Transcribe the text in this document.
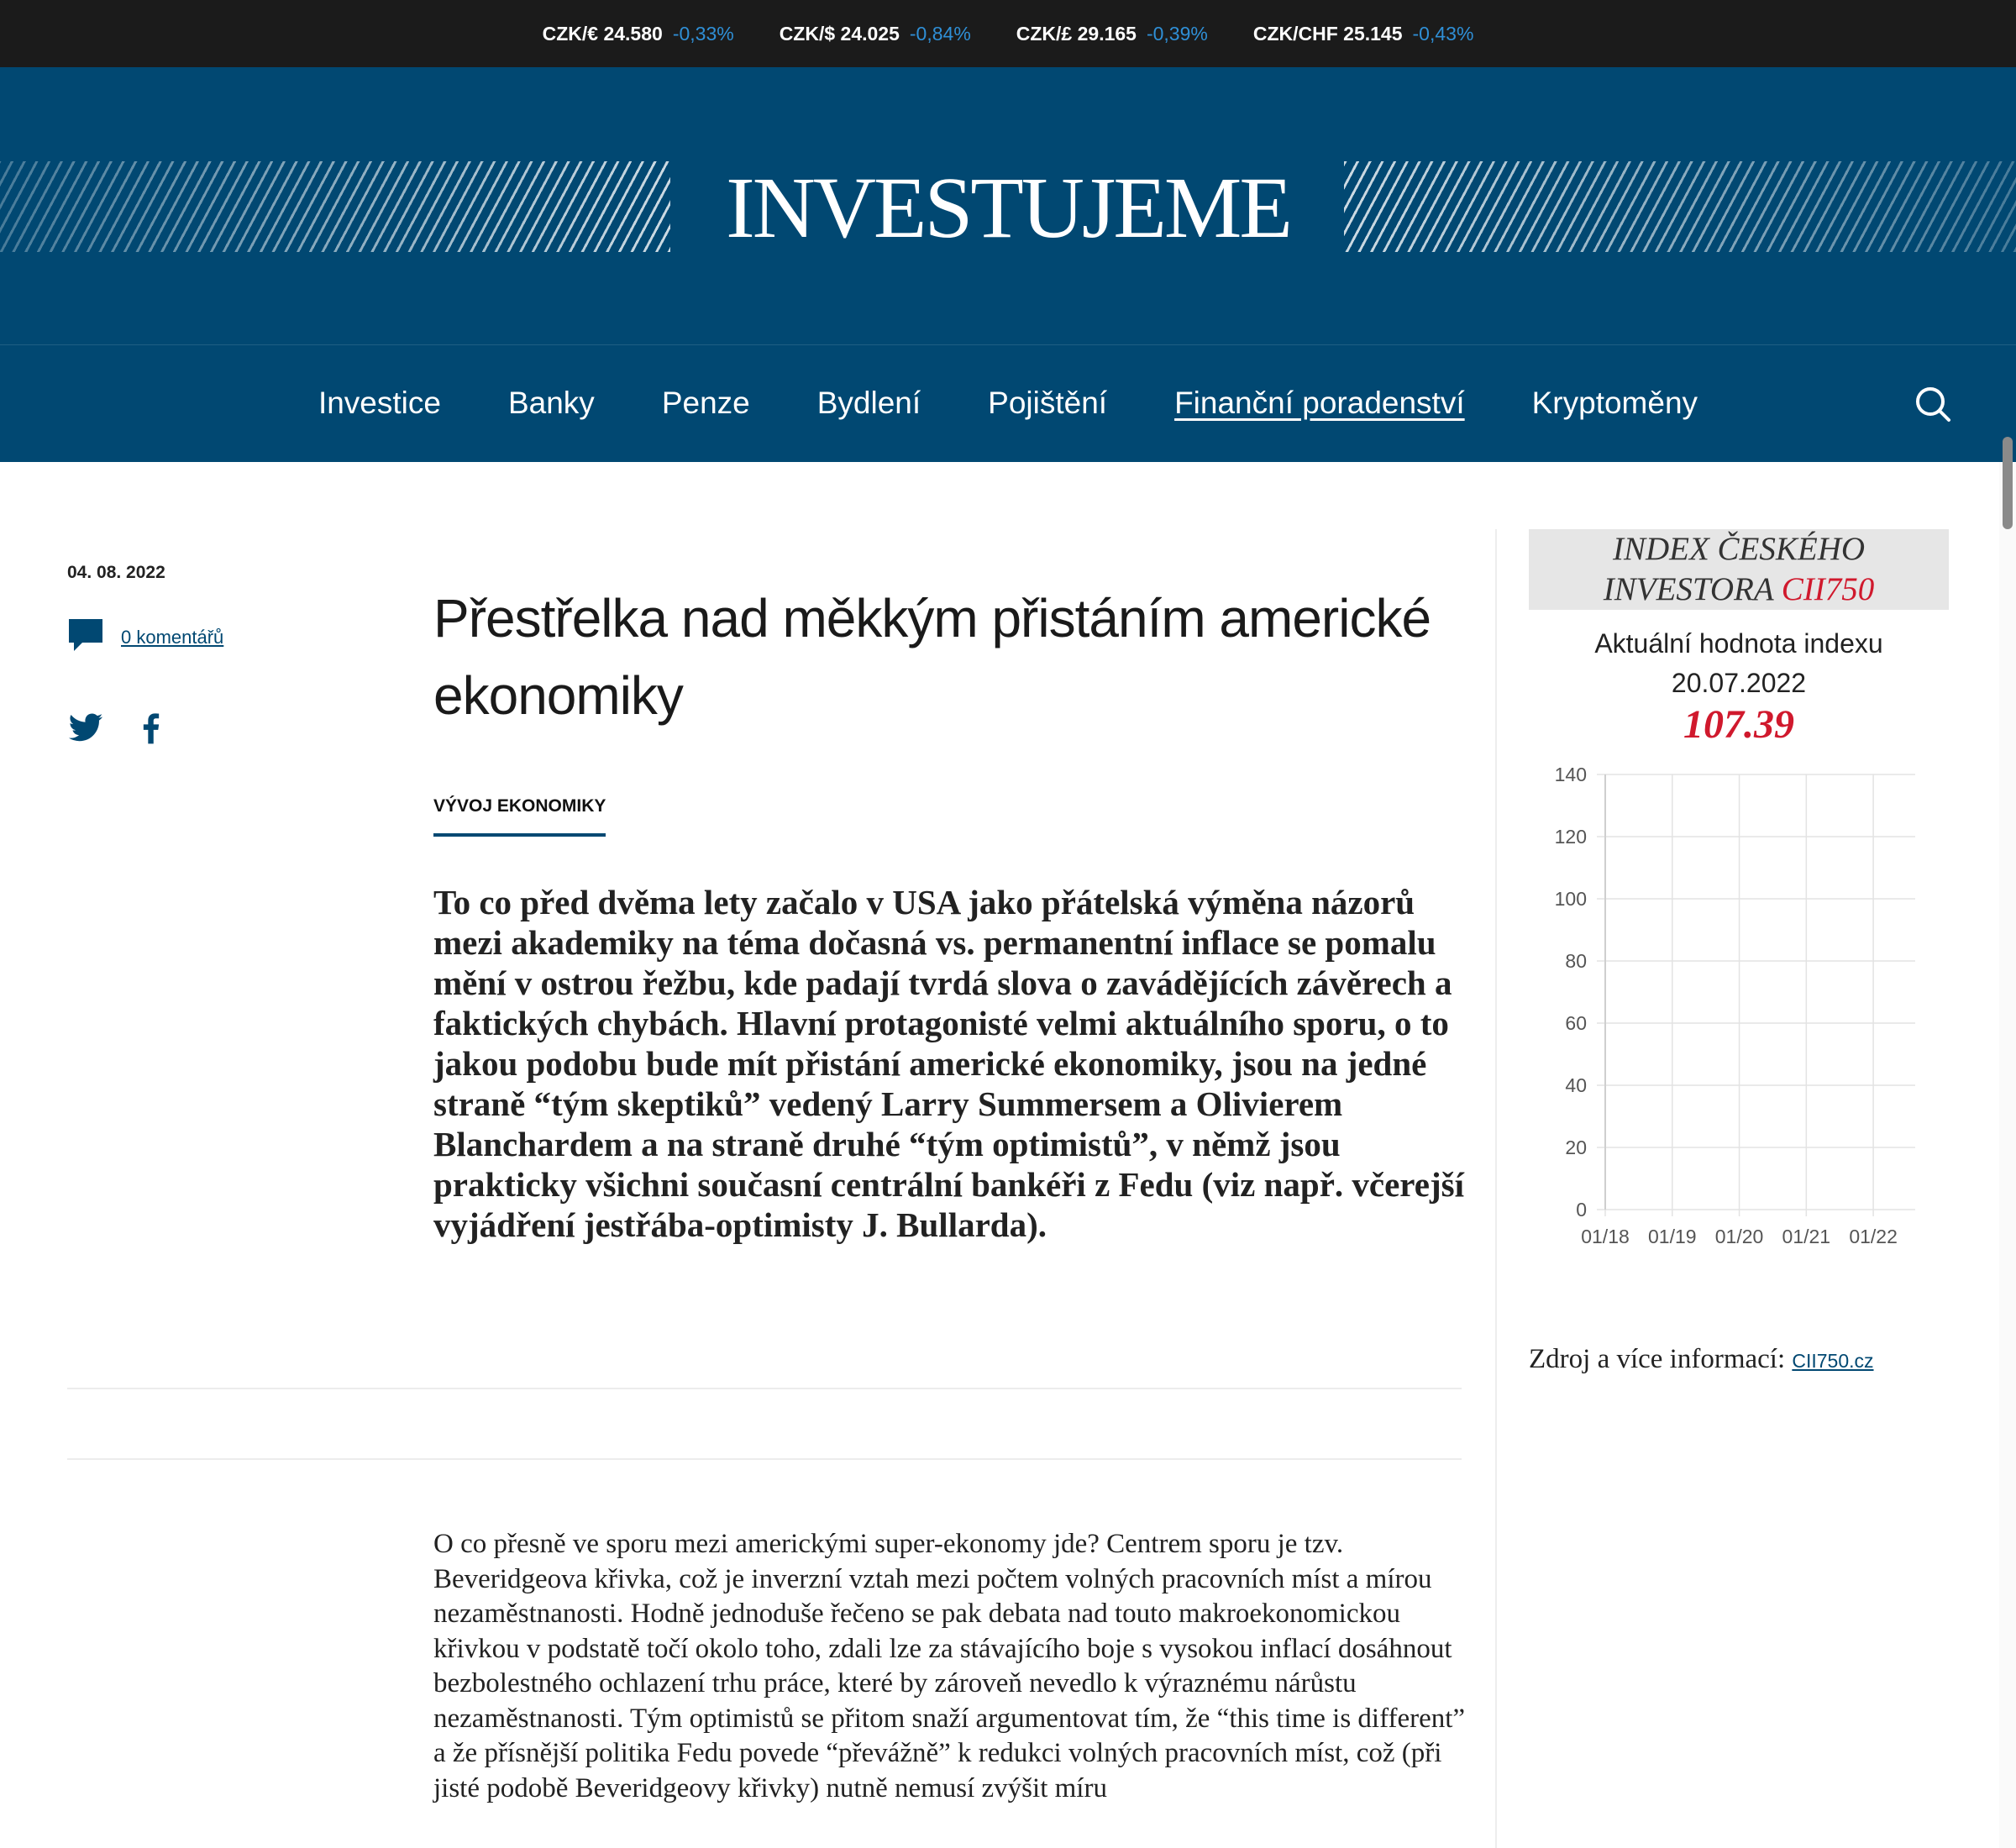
CZK/€ 24.580 -0,33% CZK/$ 24.025 -0,84% CZK/£ 29.165 -0,39% CZK/CHF 25.145 -0,43%
INVESTUJEME
Investice Banky Penze Bydlení Pojištění Finanční poradenství Kryptoměny
04. 08. 2022
0 komentářů	Přestřelka nad měkkým přistáním americké ekonomiky
VÝVOJ EKONOMIKY

To co před dvěma lety začalo v USA jako přátelská výměna názorů mezi akademiky na téma dočasná vs. permanentní inflace se pomalu mění v ostrou řežbu, kde padají tvrdá slova o zavádějících závěrech a faktických chybách. Hlavní protagonisté velmi aktuálního sporu, o to jakou podobu bude mít přistání americké ekonomiky, jsou na jedné straně “tým skeptiků” vedený Larry Summersem a Olivierem Blanchardem a na straně druhé “tým optimistů”, v němž jsou prakticky všichni současní centrální bankéři z Fedu (viz např. včerejší vyjádření jestřába-optimisty J. Bullarda).

O co přesně ve sporu mezi americkými super-ekonomy jde? Centrem sporu je tzv. Beveridgeova křivka, což je inverzní vztah mezi počtem volných pracovních míst a mírou nezaměstnanosti. Hodně jednoduše řečeno se pak debata nad touto makroekonomickou křivkou v podstatě točí okolo toho, zdali lze za stávajícího boje s vysokou inflací dosáhnout bezbolestného ochlazení trhu práce, které by zároveň nevedlo k výraznému nárůstu nezaměstnanosti. Tým optimistů se přitom snaží argumentovat tím, že “this time is different” a že přísnější politika Fedu povede “převážně” k redukci volných pracovních míst, což (při jisté podobě Beveridgeovy křivky) nutně nemusí zvýšit míru

INDEX ČESKÉHO
INVESTORA CII750
Aktuální hodnota indexu
20.07.2022
107.39
0
20
40
60
80
100
120
140
01/18 01/19 01/20 01/21 01/22
Zdroj a více informací: CII750.cz
